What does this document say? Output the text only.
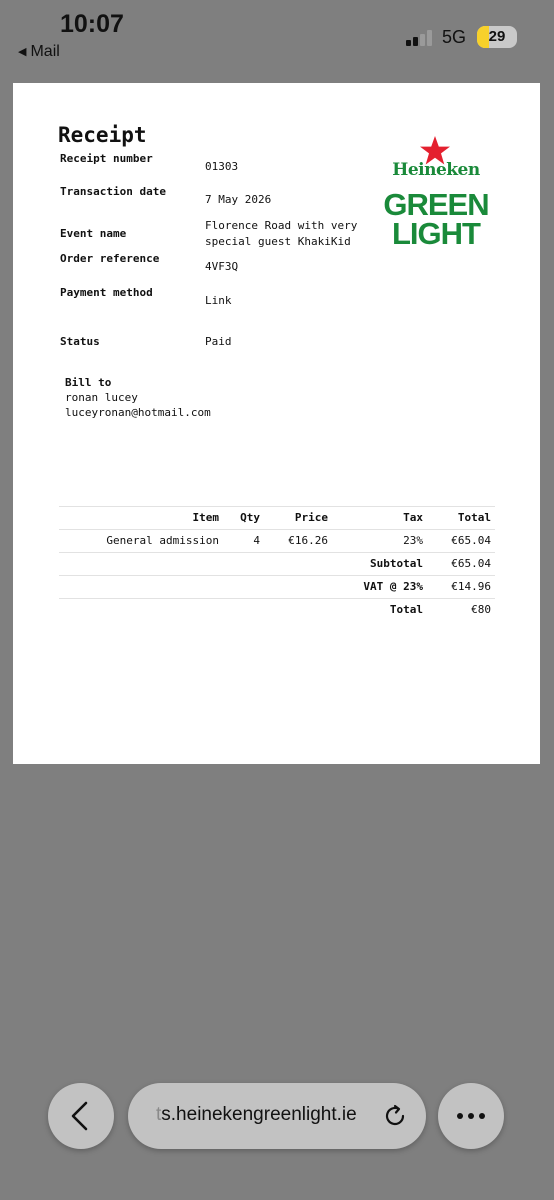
10:07
◀ Mail
5G	29
Receipt
Receipt number
01303
Transaction date
7 May 2026
Event name
Florence Road with very special guest KhakiKid
Order reference
4VF3Q
Payment method
Link
Status	Paid
Heineken
GREEN
LIGHT
Bill to
ronan lucey
luceyronan@hotmail.com
Item Qty	Price	Tax	Total
General admission	4	€16.26	23%	€65.04
Subtotal	€65.04
VAT @ 23%	€14.96
Total	€80
ts.heinekengreenlight.ie
